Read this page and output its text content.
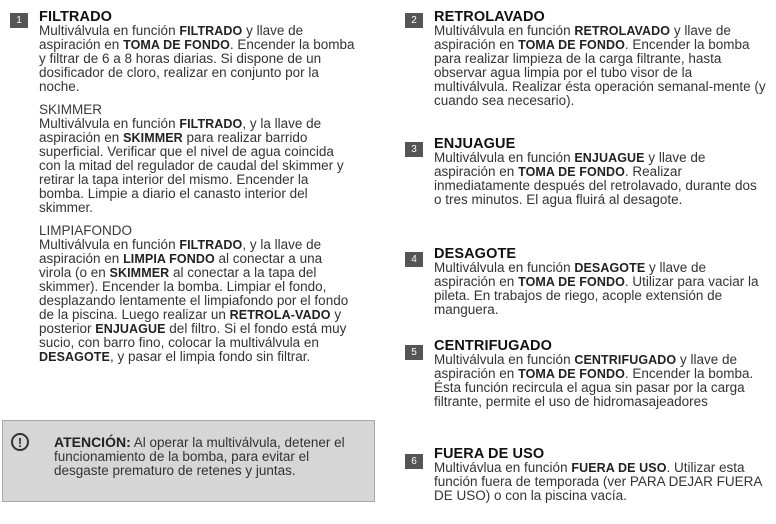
1	FILTRADO
Multiválvula en función FILTRADO y llave de aspiración en TOMA DE FONDO. Encender la bomba y filtrar de 6 a 8 horas diarias. Si dispone de un dosificador de cloro, realizar en conjunto por la noche.
SKIMMER
Multiválvula en función FILTRADO, y la llave de aspiración en SKIMMER para realizar barrido superficial. Verificar que el nivel de agua coincida con la mitad del regulador de caudal del skimmer y retirar la tapa interior del mismo. Encender la bomba. Limpie a diario el canasto interior del skimmer.
LIMPIAFONDO
Multiválvula en función FILTRADO, y la llave de aspiración en LIMPIA FONDO al conectar a una virola (o en SKIMMER al conectar a la tapa del skimmer). Encender la bomba. Limpiar el fondo, desplazando lentamente el limpiafondo por el fondo de la piscina. Luego realizar un RETROLA-VADO y posterior ENJUAGUE del filtro. Si el fondo está muy sucio, con barro fino, colocar la multiválvula en DESAGOTE, y pasar el limpia fondo sin filtrar.
!	ATENCIÓN: Al operar la multiválvula, detener el funcionamiento de la bomba, para evitar el desgaste prematuro de retenes y juntas.
2	RETROLAVADO
Multiválvula en función RETROLAVADO y llave de aspiración en TOMA DE FONDO. Encender la bomba para realizar limpieza de la carga filtrante, hasta observar agua limpia por el tubo visor de la multiválvula. Realizar ésta operación semanal-mente (y cuando sea necesario).
3	ENJUAGUE
Multiválvula en función ENJUAGUE y llave de aspiración en TOMA DE FONDO. Realizar inmediatamente después del retrolavado, durante dos o tres minutos. El agua fluirá al desagote.
4	DESAGOTE
Multiválvula en función DESAGOTE y llave de aspiración en TOMA DE FONDO. Utilizar para vaciar la pileta. En trabajos de riego, acople extensión de manguera.
5	CENTRIFUGADO
Multiválvula en función CENTRIFUGADO y llave de aspiración en TOMA DE FONDO. Encender la bomba. Ésta función recircula el agua sin pasar por la carga filtrante, permite el uso de hidromasajeadores
6	FUERA DE USO
Multivávlua en función FUERA DE USO. Utilizar esta función fuera de temporada (ver PARA DEJAR FUERA DE USO) o con la piscina vacía.
